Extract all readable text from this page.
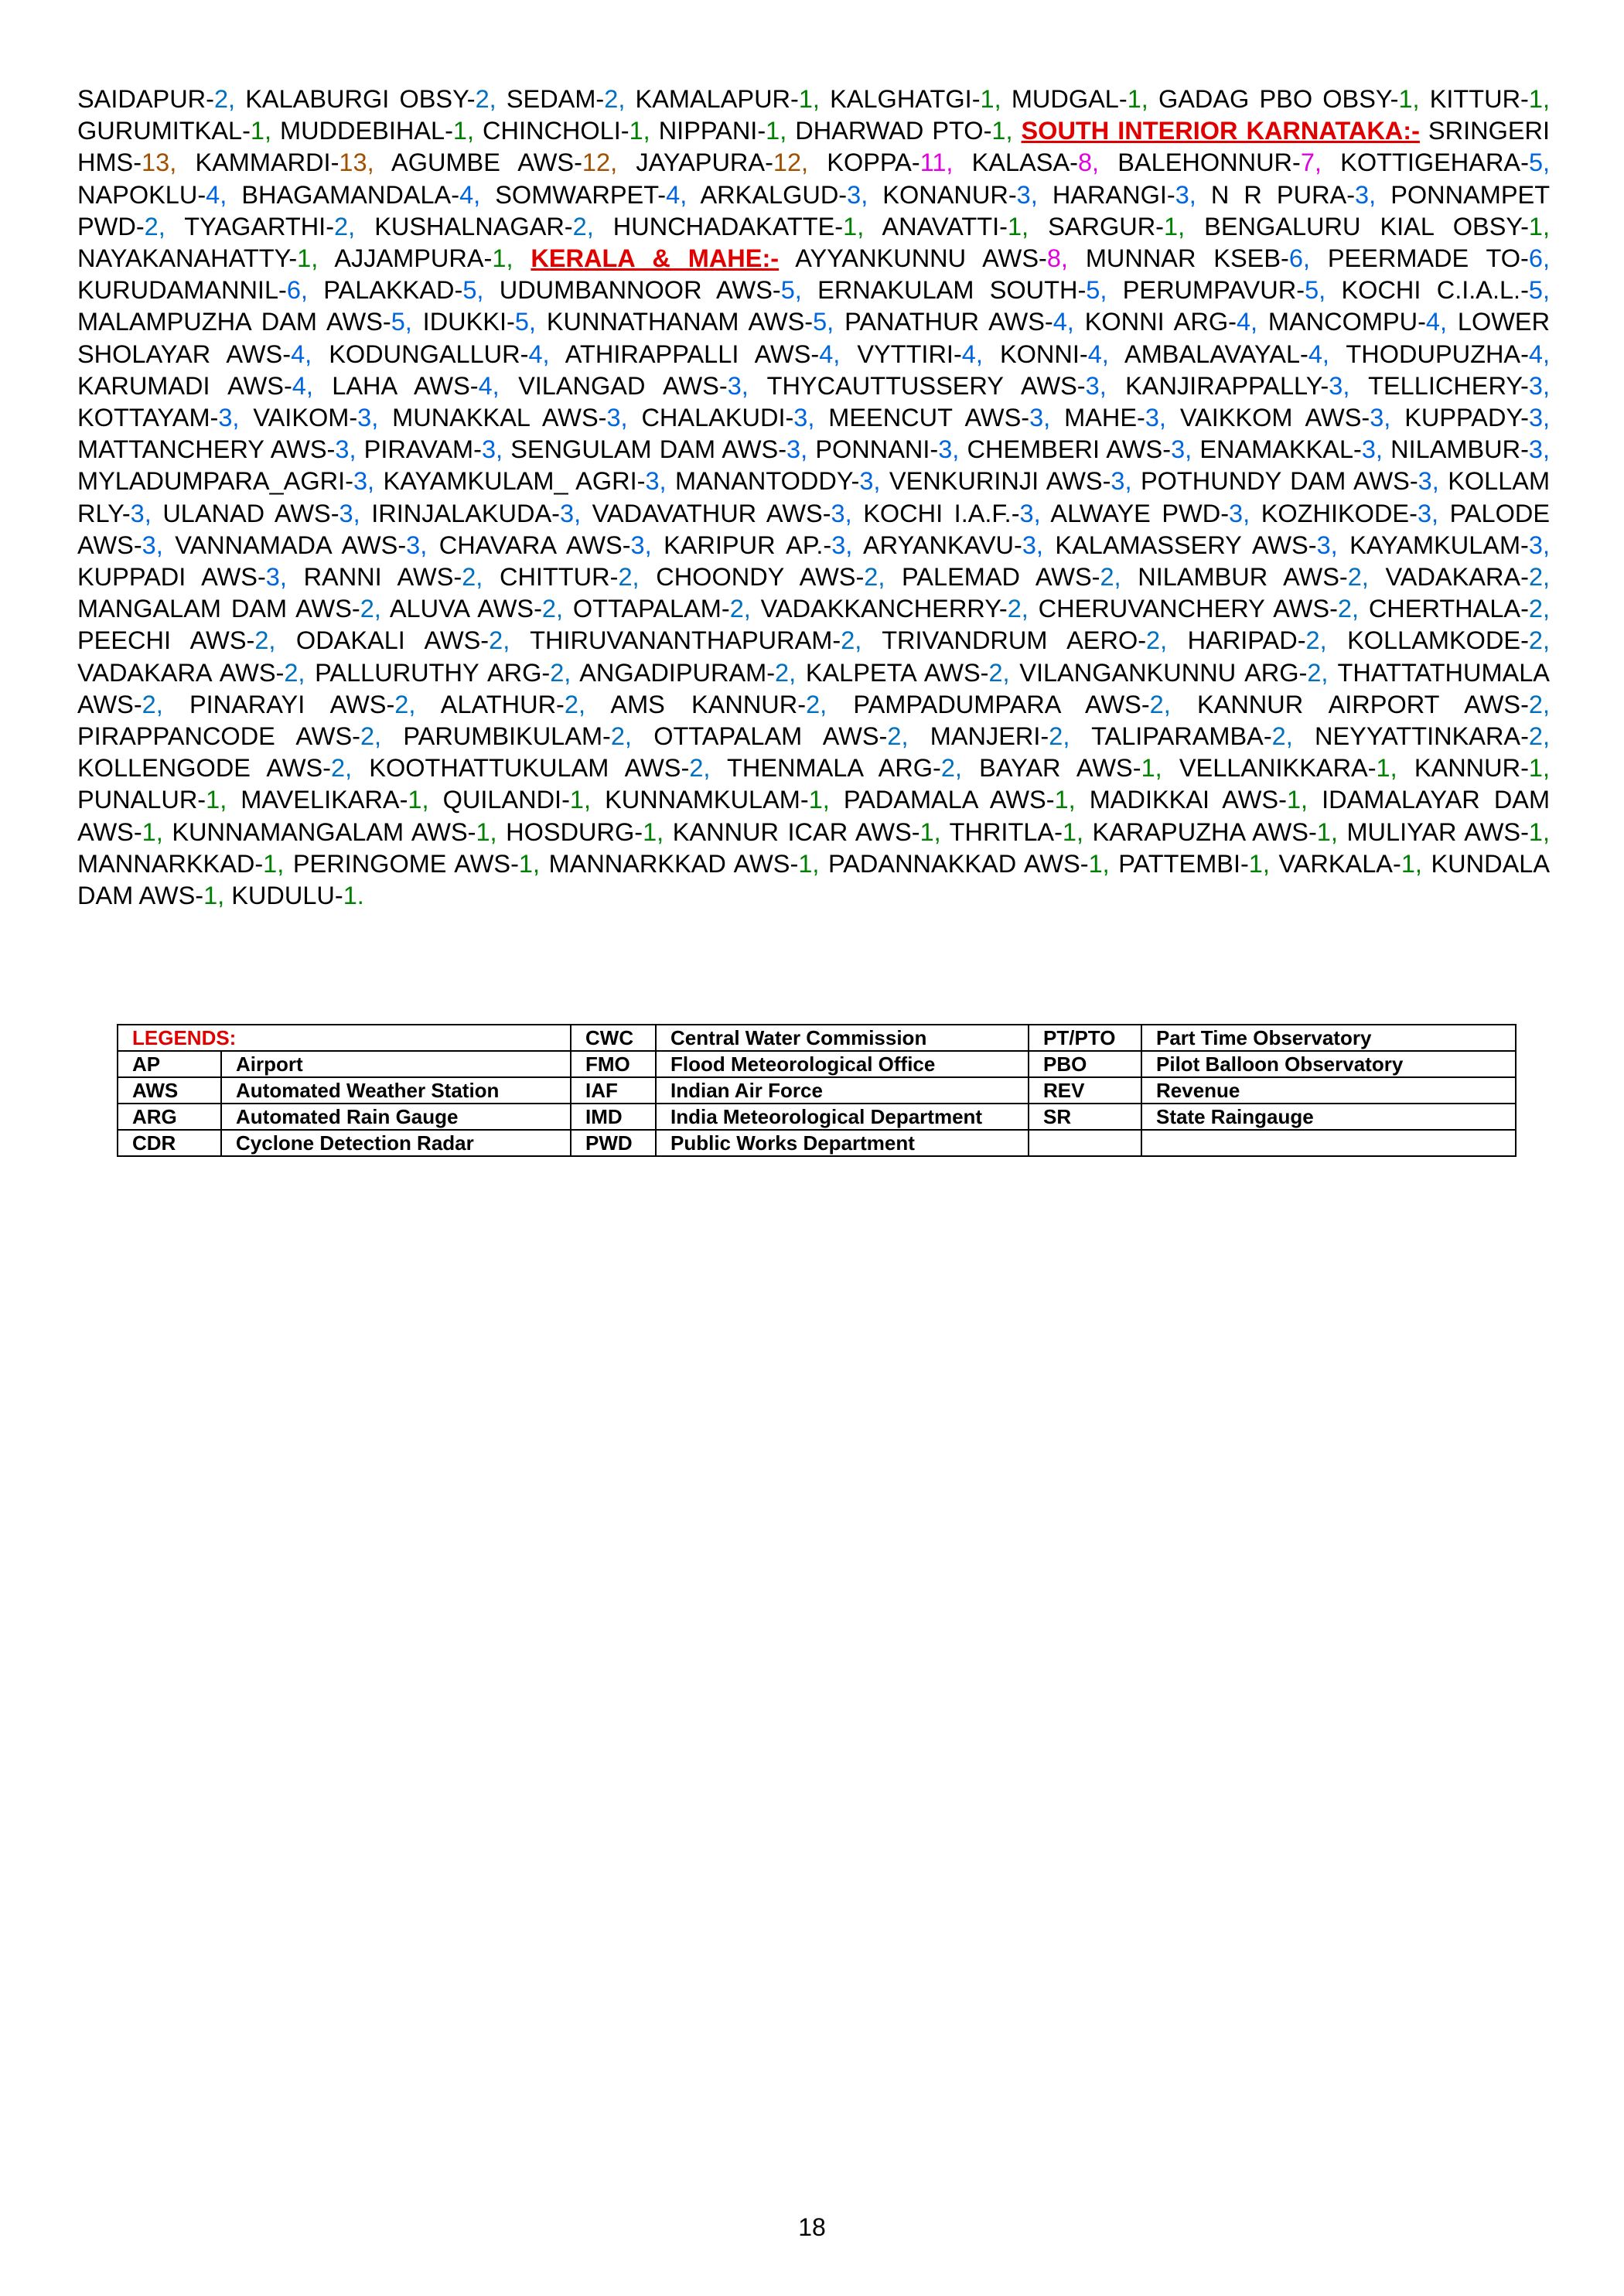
SAIDAPUR-2, KALABURGI OBSY-2, SEDAM-2, KAMALAPUR-1, KALGHATGI-1, MUDGAL-1, GADAG PBO OBSY-1, KITTUR-1, GURUMITKAL-1, MUDDEBIHAL-1, CHINCHOLI-1, NIPPANI-1, DHARWAD PTO-1, SOUTH INTERIOR KARNATAKA:- SRINGERI HMS-13, KAMMARDI-13, AGUMBE AWS-12, JAYAPURA-12, KOPPA-11, KALASA-8, BALEHONNUR-7, KOTTIGEHARA-5, NAPOKLU-4, BHAGAMANDALA-4, SOMWARPET-4, ARKALGUD-3, KONANUR-3, HARANGI-3, N R PURA-3, PONNAMPET PWD-2, TYAGARTHI-2, KUSHALNAGAR-2, HUNCHADAKATTE-1, ANAVATTI-1, SARGUR-1, BENGALURU KIAL OBSY-1, NAYAKANAHATTY-1, AJJAMPURA-1, KERALA & MAHE:- AYYANKUNNU AWS-8, MUNNAR KSEB-6, PEERMADE TO-6, KURUDAMANNIL-6, PALAKKAD-5, UDUMBANNOOR AWS-5, ERNAKULAM SOUTH-5, PERUMPAVUR-5, KOCHI C.I.A.L.-5, MALAMPUZHA DAM AWS-5, IDUKKI-5, KUNNATHANAM AWS-5, PANATHUR AWS-4, KONNI ARG-4, MANCOMPU-4, LOWER SHOLAYAR AWS-4, KODUNGALLUR-4, ATHIRAPPALLI AWS-4, VYTTIRI-4, KONNI-4, AMBALAVAYAL-4, THODUPUZHA-4, KARUMADI AWS-4, LAHA AWS-4, VILANGAD AWS-3, THYCAUTTUSSERY AWS-3, KANJIRAPPALLY-3, TELLICHERY-3, KOTTAYAM-3, VAIKOM-3, MUNAKKAL AWS-3, CHALAKUDI-3, MEENCUT AWS-3, MAHE-3, VAIKKOM AWS-3, KUPPADY-3, MATTANCHERY AWS-3, PIRAVAM-3, SENGULAM DAM AWS-3, PONNANI-3, CHEMBERI AWS-3, ENAMAKKAL-3, NILAMBUR-3, MYLADUMPARA_AGRI-3, KAYAMKULAM_ AGRI-3, MANANTODDY-3, VENKURINJI AWS-3, POTHUNDY DAM AWS-3, KOLLAM RLY-3, ULANAD AWS-3, IRINJALAKUDA-3, VADAVATHUR AWS-3, KOCHI I.A.F.-3, ALWAYE PWD-3, KOZHIKODE-3, PALODE AWS-3, VANNAMADA AWS-3, CHAVARA AWS-3, KARIPUR AP.-3, ARYANKAVU-3, KALAMASSERY AWS-3, KAYAMKULAM-3, KUPPADI AWS-3, RANNI AWS-2, CHITTUR-2, CHOONDY AWS-2, PALEMAD AWS-2, NILAMBUR AWS-2, VADAKARA-2, MANGALAM DAM AWS-2, ALUVA AWS-2, OTTAPALAM-2, VADAKKANCHERRY-2, CHERUVANCHERY AWS-2, CHERTHALA-2, PEECHI AWS-2, ODAKALI AWS-2, THIRUVANANTHAPURAM-2, TRIVANDRUM AERO-2, HARIPAD-2, KOLLAMKODE-2, VADAKARA AWS-2, PALLURUTHY ARG-2, ANGADIPURAM-2, KALPETA AWS-2, VILANGANKUNNU ARG-2, THATTATHUMALA AWS-2, PINARAYI AWS-2, ALATHUR-2, AMS KANNUR-2, PAMPADUMPARA AWS-2, KANNUR AIRPORT AWS-2, PIRAPPANCODE AWS-2, PARUMBIKULAM-2, OTTAPALAM AWS-2, MANJERI-2, TALIPARAMBA-2, NEYYATTINKARA-2, KOLLENGODE AWS-2, KOOTHATTUKULAM AWS-2, THENMALA ARG-2, BAYAR AWS-1, VELLANIKKARA-1, KANNUR-1, PUNALUR-1, MAVELIKARA-1, QUILANDI-1, KUNNAMKULAM-1, PADAMALA AWS-1, MADIKKAI AWS-1, IDAMALAYAR DAM AWS-1, KUNNAMANGALAM AWS-1, HOSDURG-1, KANNUR ICAR AWS-1, THRITLA-1, KARAPUZHA AWS-1, MULIYAR AWS-1, MANNARKKAD-1, PERINGOME AWS-1, MANNARKKAD AWS-1, PADANNAKKAD AWS-1, PATTEMBI-1, VARKALA-1, KUNDALA DAM AWS-1, KUDULU-1.
LEGENDS:		CWC	Central Water Commission	PT/PTO	Part Time Observatory
AP	Airport	FMO	Flood Meteorological Office	PBO	Pilot Balloon Observatory
AWS	Automated Weather Station	IAF	Indian Air Force	REV	Revenue
ARG	Automated Rain Gauge	IMD	India Meteorological Department	SR	State Raingauge
CDR	Cyclone Detection Radar	PWD	Public Works Department		
18
